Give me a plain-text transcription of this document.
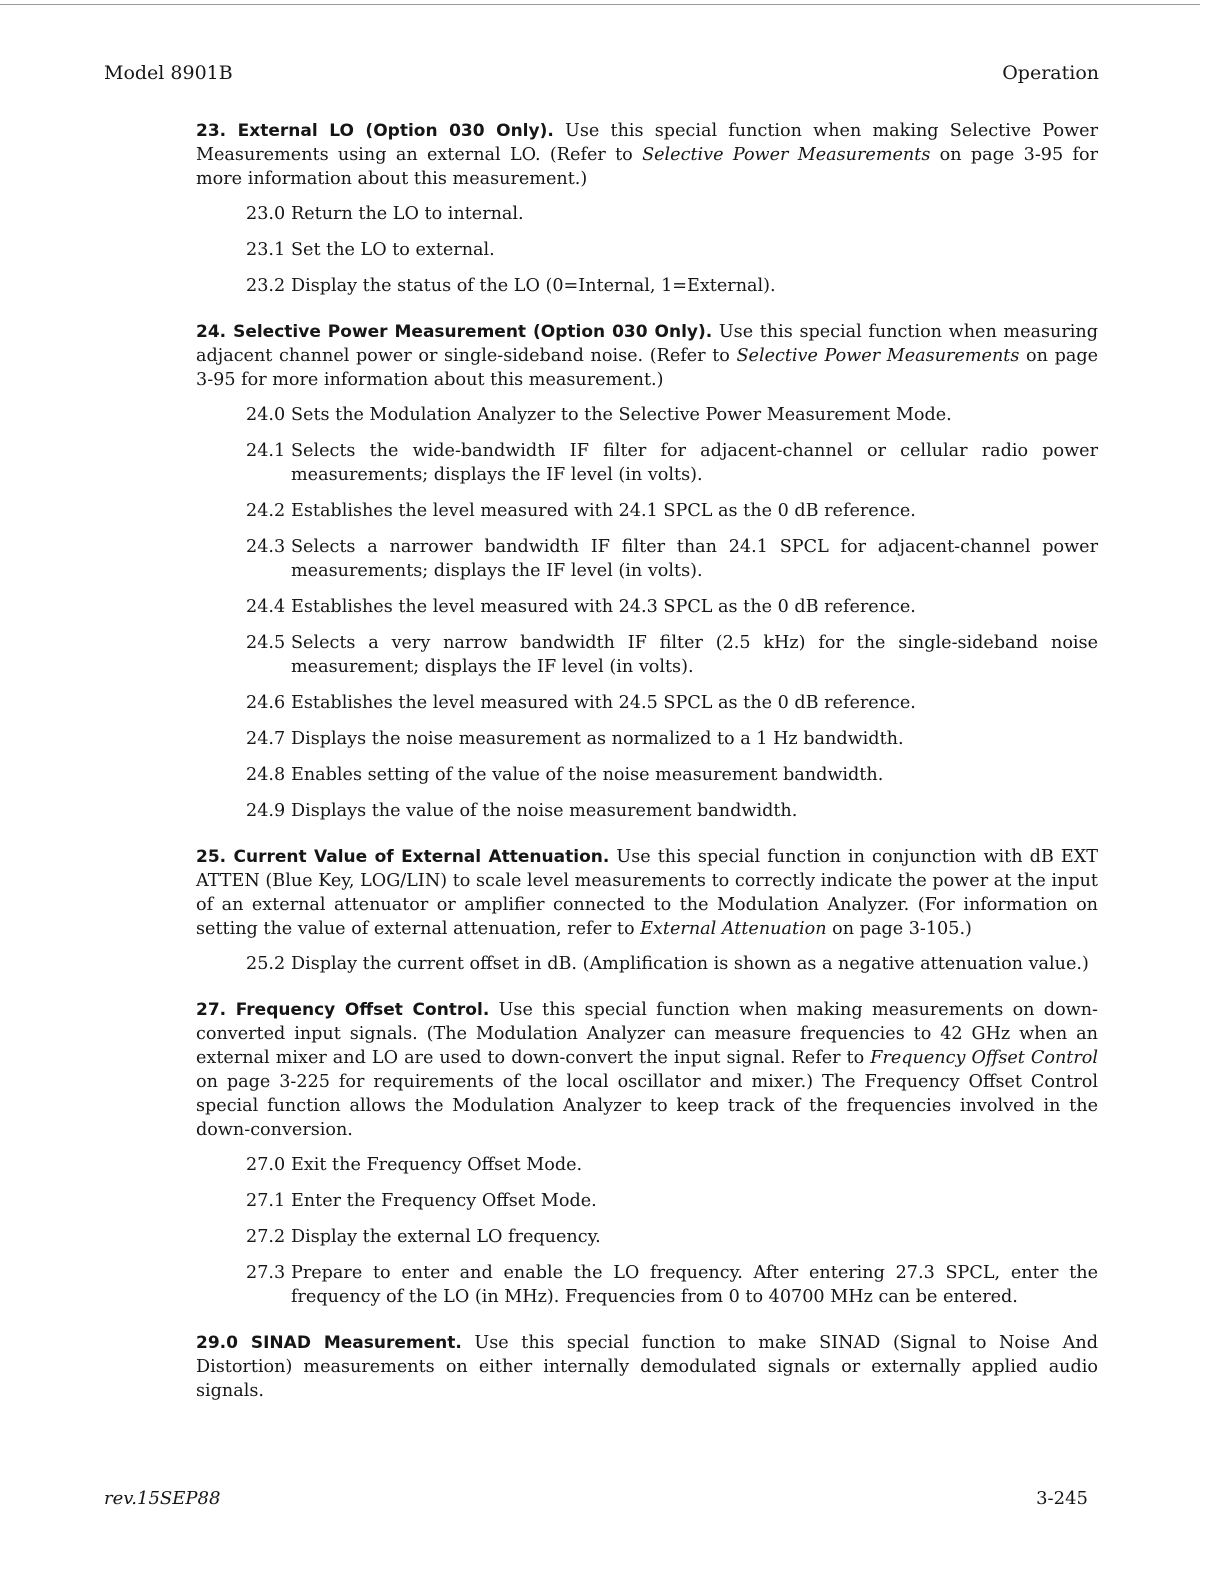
Model 8901B	Operation

23. External LO (Option 030 Only). Use this special function when making Selective Power Measurements using an external LO. (Refer to Selective Power Measurements on page 3-95 for more information about this measurement.)

23.0 Return the LO to internal.
23.1 Set the LO to external.
23.2 Display the status of the LO (0=Internal, 1=External).

24. Selective Power Measurement (Option 030 Only). Use this special function when measuring adjacent channel power or single-sideband noise. (Refer to Selective Power Measurements on page 3-95 for more information about this measurement.)

24.0 Sets the Modulation Analyzer to the Selective Power Measurement Mode.
24.1 Selects the wide-bandwidth IF filter for adjacent-channel or cellular radio power measurements; displays the IF level (in volts).
24.2 Establishes the level measured with 24.1 SPCL as the 0 dB reference.
24.3 Selects a narrower bandwidth IF filter than 24.1 SPCL for adjacent-channel power measurements; displays the IF level (in volts).
24.4 Establishes the level measured with 24.3 SPCL as the 0 dB reference.
24.5 Selects a very narrow bandwidth IF filter (2.5 kHz) for the single-sideband noise measurement; displays the IF level (in volts).
24.6 Establishes the level measured with 24.5 SPCL as the 0 dB reference.
24.7 Displays the noise measurement as normalized to a 1 Hz bandwidth.
24.8 Enables setting of the value of the noise measurement bandwidth.
24.9 Displays the value of the noise measurement bandwidth.

25. Current Value of External Attenuation. Use this special function in conjunction with dB EXT ATTEN (Blue Key, LOG/LIN) to scale level measurements to correctly indicate the power at the input of an external attenuator or amplifier connected to the Modulation Analyzer. (For information on setting the value of external attenuation, refer to External Attenuation on page 3-105.)

25.2 Display the current offset in dB. (Amplification is shown as a negative attenuation value.)

27. Frequency Offset Control. Use this special function when making measurements on down-converted input signals. (The Modulation Analyzer can measure frequencies to 42 GHz when an external mixer and LO are used to down-convert the input signal. Refer to Frequency Offset Control on page 3-225 for requirements of the local oscillator and mixer.) The Frequency Offset Control special function allows the Modulation Analyzer to keep track of the frequencies involved in the down-conversion.

27.0 Exit the Frequency Offset Mode.
27.1 Enter the Frequency Offset Mode.
27.2 Display the external LO frequency.
27.3 Prepare to enter and enable the LO frequency. After entering 27.3 SPCL, enter the frequency of the LO (in MHz). Frequencies from 0 to 40700 MHz can be entered.

29.0 SINAD Measurement. Use this special function to make SINAD (Signal to Noise And Distortion) measurements on either internally demodulated signals or externally applied audio signals.

rev.15SEP88	3-245
